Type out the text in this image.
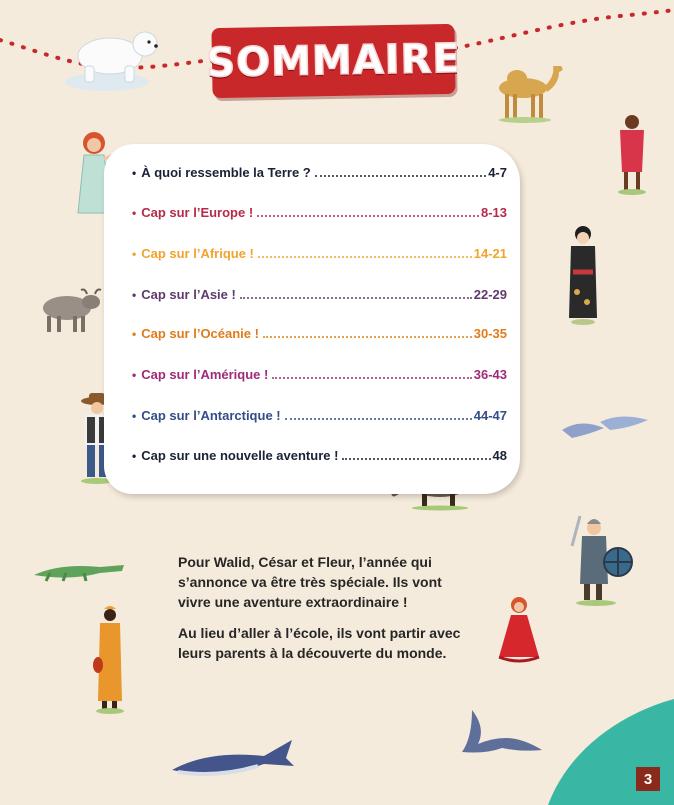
SOMMAIRE
• À quoi ressemble la Terre ?	4-7
• Cap sur l’Europe !	8-13
• Cap sur l’Afrique !	14-21
• Cap sur l’Asie !	22-29
• Cap sur l’Océanie !	30-35
• Cap sur l’Amérique !	36-43
• Cap sur l’Antarctique !	44-47
• Cap sur une nouvelle aventure !	48

Pour Walid, César et Fleur, l’année qui s’annonce va être très spéciale. Ils vont vivre une aventure extraordinaire !

Au lieu d’aller à l’école, ils vont partir avec leurs parents à la découverte du monde.

3
